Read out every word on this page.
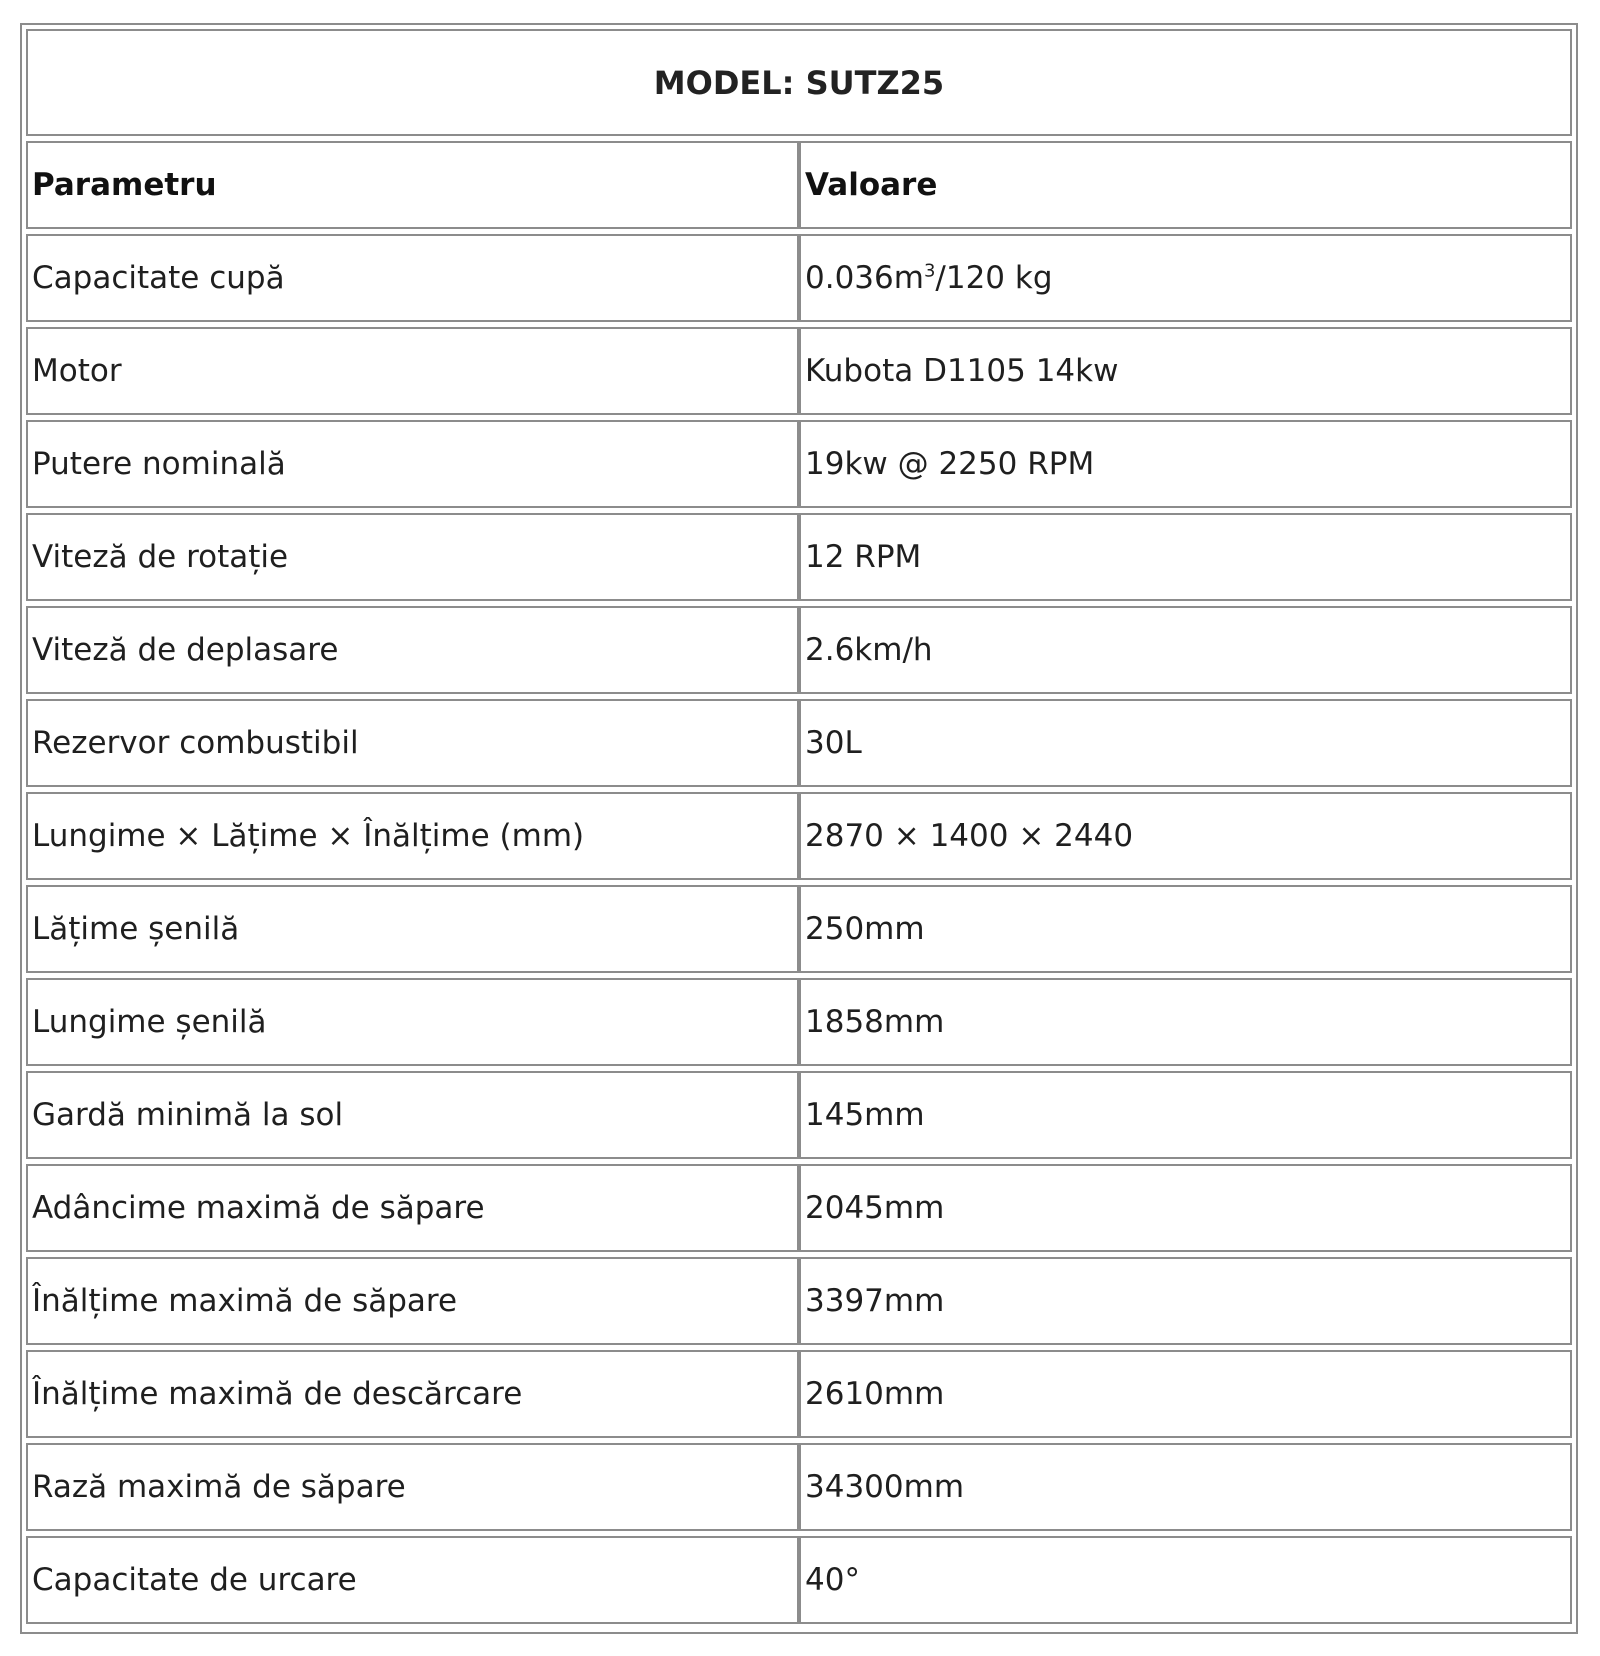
MODEL: SUTZ25	
Parametru	Valoare
Capacitate cupă	$0.036m^3/120$ kg
Motor	Kubota D1105 14kw
Putere nominală	19kw @ 2250 RPM
Viteză de rotație	12 RPM
Viteză de deplasare	2.6km/h
Rezervor combustibil	30L
Lungime × Lățime × Înălțime (mm)	2870 × 1400 × 2440
Lățime șenilă	250mm
Lungime șenilă	1858mm
Gardă minimă la sol	145mm
Adâncime maximă de săpare	2045mm
Înălțime maximă de săpare	3397mm
Înălțime maximă de descărcare	2610mm
Rază maximă de săpare	34300mm
Capacitate de urcare	40°
